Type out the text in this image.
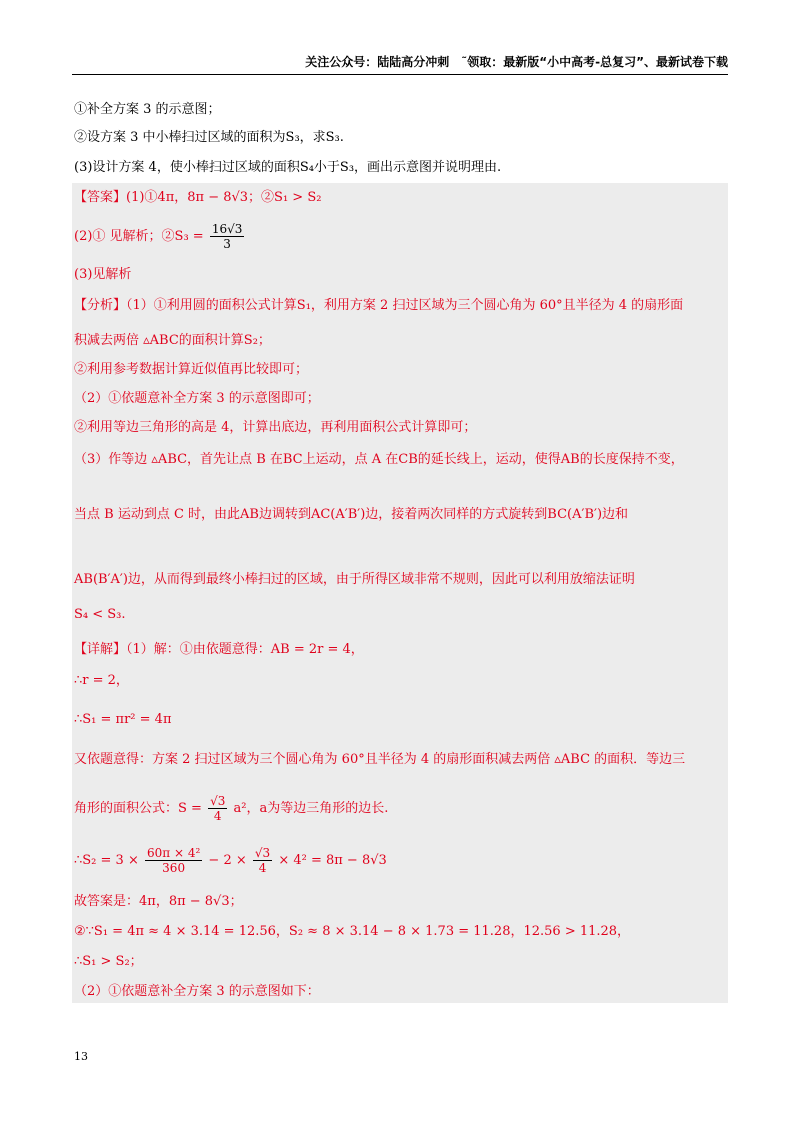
关注公众号：陆陆高分冲刺　˜领取：最新版“小中高考-总复习”、最新试卷下载
①补全方案 3 的示意图；
②设方案 3 中小棒扫过区域的面积为S₃，求S₃.
(3)设计方案 4，使小棒扫过区域的面积S₄小于S₃，画出示意图并说明理由.
【答案】(1)①4π，8π − 8√3；②S₁ > S₂
(2)① 见解析；②S₃ = $\frac{16√3}{3}$
(3)见解析
【分析】（1）①利用圆的面积公式计算S₁，利用方案 2 扫过区域为三个圆心角为 60°且半径为 4 的扇形面
积减去两倍 ▵ABC的面积计算S₂；
②利用参考数据计算近似值再比较即可；
（2）①依题意补全方案 3 的示意图即可；
②利用等边三角形的高是 4，计算出底边，再利用面积公式计算即可；
（3）作等边 ▵ABC，首先让点 B 在BC上运动，点 A 在CB的延长线上，运动，使得AB的长度保持不变，
当点 B 运动到点 C 时，由此AB边调转到AC(A′B′)边，接着两次同样的方式旋转到BC(A′B′)边和
AB(B′A′)边，从而得到最终小棒扫过的区域，由于所得区域非常不规则，因此可以利用放缩法证明
S₄ < S₃.
【详解】（1）解：①由依题意得：AB = 2r = 4，
∴r = 2，
∴S₁ = πr² = 4π
又依题意得：方案 2 扫过区域为三个圆心角为 60°且半径为 4 的扇形面积减去两倍 ▵ABC 的面积．等边三
角形的面积公式：$S = \frac{√3}{4} a^2$，a为等边三角形的边长.
∴S₂ = $3 \times \frac{\text{60π × 4²}}{360} - 2 \times \frac{√3}{4} \times 4^2 = 8\pi - 8√3$
故答案是：4π，8π − 8√3；
②∵S₁ = 4π ≈ 4 × 3.14 = 12.56，S₂ ≈ 8 × 3.14 − 8 × 1.73 = 11.28，12.56 > 11.28，
∴S₁ > S₂；
（2）①依题意补全方案 3 的示意图如下：
13
